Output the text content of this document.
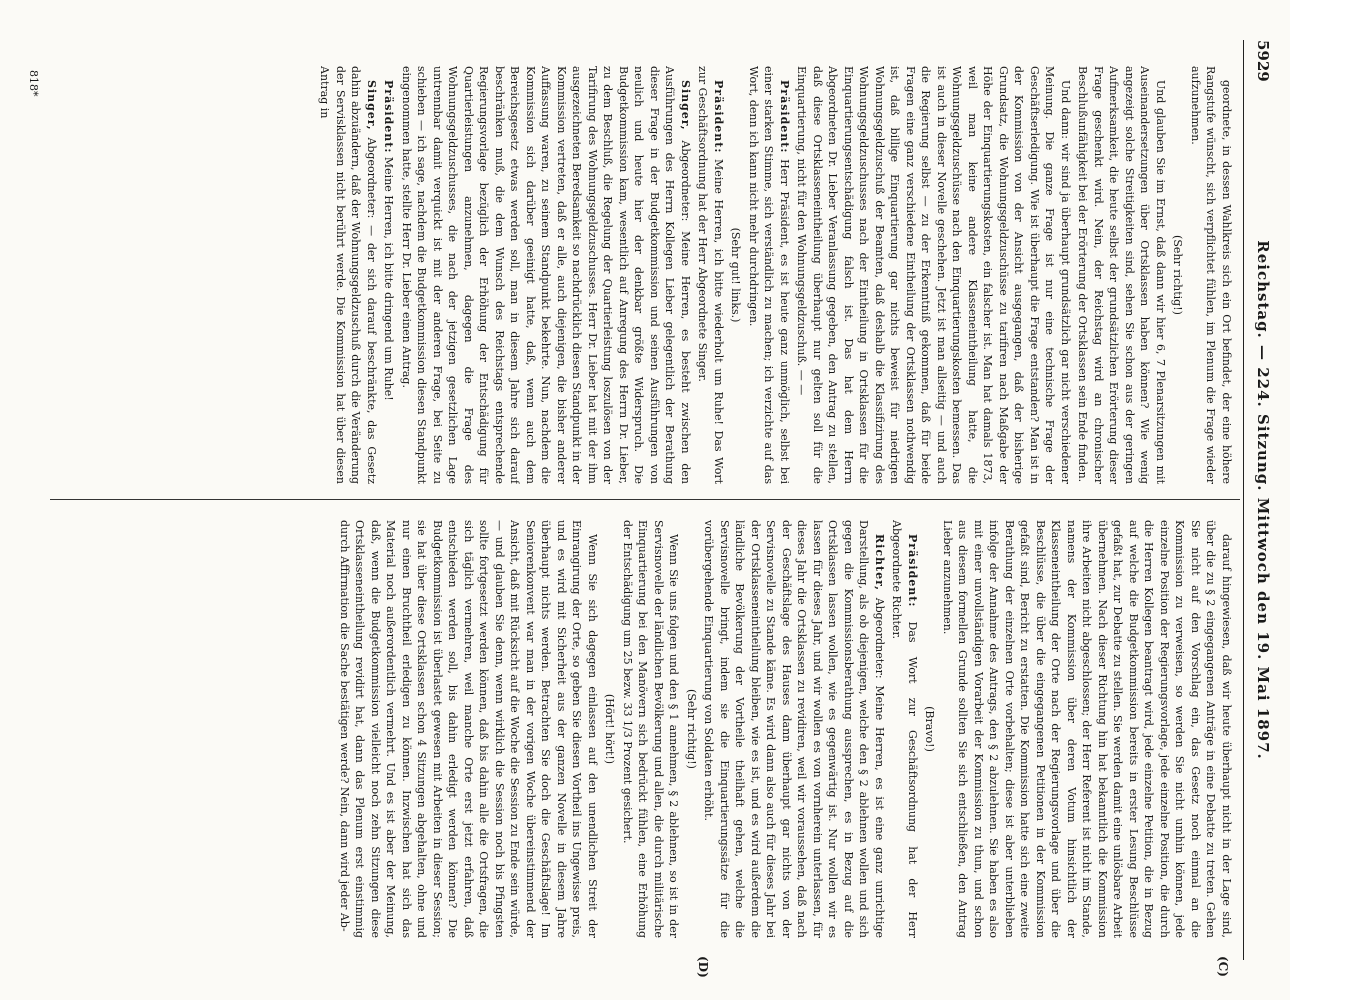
5929
Reichstag. — 224. Sitzung. Mittwoch den 19. Mai 1897.

geordnete, in dessen Wahlkreis sich ein Ort befindet, der eine höhere Rangstufe wünscht, sich verpflichtet fühlen, im Plenum die Frage wieder aufzunehmen.

(Sehr richtig!)

Und glauben Sie im Ernst, daß dann wir hier 6, 7 Plenarsitzungen mit Auseinandersetzungen über Ortsklassen haben können? Wie wenig angezeigt solche Streitigkeiten sind, sehen Sie schon aus der geringen Aufmerksamkeit, die heute selbst der grundsätzlichen Erörterung dieser Frage geschenkt wird. Nein, der Reichstag wird an chronischer Beschlußunfähigkeit bei der Erörterung der Ortsklassen sein Ende finden.

Und dann: wir sind ja überhaupt grundsätzlich gar nicht verschiedener Meinung. Die ganze Frage ist nur eine technische Frage der Geschäftserledigung. Wie ist überhaupt die Frage entstanden? Man ist in der Kommission von der Ansicht ausgegangen, daß der bisherige Grundsatz, die Wohnungsgeldzuschüsse zu tarifiren nach Maßgabe der Höhe der Einquartierungskosten, ein falscher ist. Man hat damals 1873, weil man keine andere Klasseneintheilung hatte, die Wohnungsgeldzuschüsse nach den Einquartierungskosten bemessen. Das ist auch in dieser Novelle geschehen. Jetzt ist man allseitig — und auch die Regierung selbst — zu der Erkenntniß gekommen, daß für beide Fragen eine ganz verschiedene Eintheilung der Ortsklassen nothwendig ist, daß billige Einquartierung gar nichts beweist für niedrigen Wohnungsgeldzuschuß der Beamten, daß deshalb die Klassifizirung des Wohnungsgeldzuschusses nach der Eintheilung in Ortsklassen für die Einquartierungsentschädigung falsch ist. Das hat dem Herrn Abgeordneten Dr. Lieber Veranlassung gegeben, den Antrag zu stellen, daß diese Ortsklasseneintheilung überhaupt nur gelten soll für die Einquartierung, nicht für den Wohnungsgeldzuschuß. — —

Präsident: Herr Präsident, es ist heute ganz unmöglich, selbst bei einer starken Stimme, sich verständlich zu machen; ich verzichte auf das Wort, denn ich kann nicht mehr durchdringen.

(Sehr gut! links.)

Präsident: Meine Herren, ich bitte wiederholt um Ruhe! Das Wort zur Geschäftsordnung hat der Herr Abgeordnete Singer.

Singer, Abgeordneter: Meine Herren, es besteht zwischen den Ausführungen des Herrn Kollegen Lieber gelegentlich der Berathung dieser Frage in der Budgetkommission und seinen Ausführungen von neulich und heute hier der denkbar größte Widerspruch. Die Budgetkommission kam, wesentlich auf Anregung des Herrn Dr. Lieber, zu dem Beschluß, die Regelung der Quartierleistung loszulösen von der Tarifirung des Wohnungsgeldzuschusses. Herr Dr. Lieber hat mit der ihm ausgezeichneten Beredsamkeit so nachdrücklich diesen Standpunkt in der Kommission vertreten, daß er alle, auch diejenigen, die bisher anderer Auffassung waren, zu seinem Standpunkt bekehrte. Nun, nachdem die Kommission sich darüber geeinigt hatte, daß, wenn auch dem Bereichsgesetz etwas werden soll, man in diesem Jahre sich darauf beschränken muß, die dem Wunsch des Reichstags entsprechende Regierungsvorlage bezüglich der Erhöhung der Entschädigung für Quartierleistungen anzunehmen, dagegen die Frage des Wohnungsgeldzuschusses, die nach der jetzigen gesetzlichen Lage untrennbar damit verquickt ist mit der anderen Frage, bei Seite zu schieben — ich sage, nachdem die Budgetkommission diesen Standpunkt eingenommen hatte, stellte Herr Dr. Lieber einen Antrag.

Präsident: Meine Herren, ich bitte dringend um Ruhe!

Singer, Abgeordneter: — der sich darauf beschränkte, das Gesetz dahin abzuändern, daß der Wohnungsgeldzuschuß durch die Veränderung der Servisklassen nicht berührt werde. Die Kommission hat über diesen Antrag in

darauf hingewiesen, daß wir heute überhaupt nicht in der Lage sind, über die zu § 2 eingegangenen Anträge in eine Debatte zu treten. Gehen Sie nicht auf den Vorschlag ein, das Gesetz noch einmal an die Kommission zu verweisen, so werden Sie nicht umhin können, jede einzelne Position der Regierungsvorlage, jede einzelne Position, die durch die Herren Kollegen beantragt wird, jede einzelne Petition, die in Bezug auf welche die Budgetkommission bereits in erster Lesung Beschlüsse gefaßt hat, zur Debatte zu stellen. Sie werden damit eine unlösbare Arbeit übernehmen. Nach dieser Richtung hin hat bekanntlich die Kommission ihre Arbeiten nicht abgeschlossen; der Herr Referent ist nicht im Stande, namens der Kommission über deren Votum hinsichtlich der Klasseneintheilung der Orte nach der Regierungsvorlage und über die Beschlüsse, die über die eingegangenen Petitionen in der Kommission gefaßt sind, Bericht zu erstatten. Die Kommission hatte sich eine zweite Berathung der einzelnen Orte vorbehalten; diese ist aber unterblieben infolge der Annahme des Antrags, den § 2 abzulehnen. Sie haben es also mit einer unvollständigen Vorarbeit der Kommission zu thun, und schon aus diesem formellen Grunde sollten Sie sich entschließen, den Antrag Lieber anzunehmen.

(Bravo!)

Präsident: Das Wort zur Geschäftsordnung hat der Herr Abgeordnete Richter.

Richter, Abgeordneter: Meine Herren, es ist eine ganz unrichtige Darstellung, als ob diejenigen, welche den § 2 ablehnen wollen und sich gegen die Kommissionsberathung aussprechen, es in Bezug auf die Ortsklassen lassen wollen, wie es gegenwärtig ist. Nur wollen wir es lassen für dieses Jahr, und wir wollen es von vornherein unterlassen, für dieses Jahr die Ortsklassen zu revidiren, weil wir voraussehen, daß nach der Geschäftslage des Hauses dann überhaupt gar nichts von der Servisnovelle zu Stande käme. Es wird dann also auch für dieses Jahr bei der Ortsklasseneintheilung bleiben, wie es ist, und es wird außerdem die ländliche Bevölkerung der Vortheile theilhaft gehen, welche die Servisnovelle bringt, indem sie die Einquartierungssätze für die vorübergehende Einquartierung von Soldaten erhöht.

(Sehr richtig!)

Wenn Sie uns folgen und den § 1 annehmen, § 2 ablehnen, so ist in der Servisnovelle der ländlichen Bevölkerung und allen, die durch militärische Einquartierung bei den Manövern sich bedrückt fühlen, eine Erhöhung der Entschädigung um 25 bezw. 33 1/3 Prozent gesichert.

(Hört! hört!)

Wenn Sie sich dagegen einlassen auf den unendlichen Streit der Einrangirung der Orte, so geben Sie diesen Vortheil ins Ungewisse preis, und es wird mit Sicherheit aus der ganzen Novelle in diesem Jahre überhaupt nichts werden. Betrachten Sie doch die Geschäftslage! Im Seniorenkonvent war man in der vorigen Woche übereinstimmend der Ansicht, daß mit Rücksicht auf die Woche die Session zu Ende sein würde, — und glauben Sie denn, wenn wirklich die Session noch bis Pfingsten sollte fortgesetzt werden können, daß bis dahin alle die Ortsfragen, die sich täglich vermehren, weil manche Orte erst jetzt erfahren, daß entschieden werden soll, bis dahin erledigt werden können? Die Budgetkommission ist überlastet gewesen mit Arbeiten in dieser Session; sie hat über diese Ortsklassen schon 4 Sitzungen abgehalten, ohne und nur einen Bruchtheil erledigen zu können. Inzwischen hat sich das Material noch außerordentlich vermehrt. Und es ist aber der Meinung, daß, wenn die Budgetkommission vielleicht noch zehn Sitzungen diese Ortsklasseneintheilung revidirt hat, dann das Plenum erst einstimmig durch Affirmation die Sache bestätigen werde? Nein, dann wird jeder Ab-

(C)
(D)
818*
